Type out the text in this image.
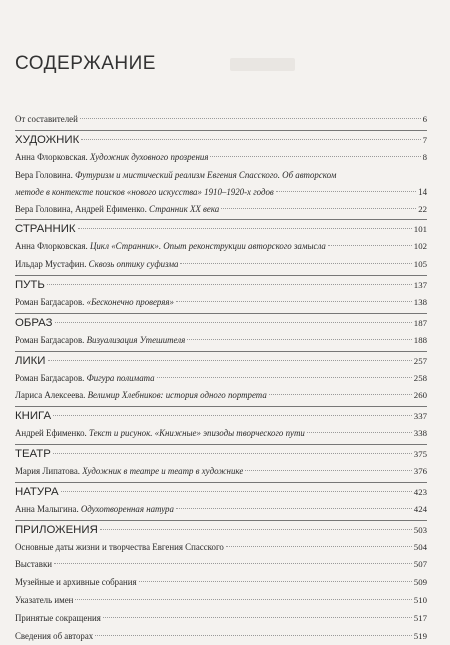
СОДЕРЖАНИЕ
От составителей	6
ХУДОЖНИК	7
Анна Флорковская. Художник духовного прозрения	8
Вера Головина. Футуризм и мистический реализм Евгения Спасского. Об авторском
методе в контексте поисков «нового искусства» 1910–1920-х годов	14
Вера Головина, Андрей Ефименко. Странник XX века	22
СТРАННИК	101
Анна Флорковская. Цикл «Странник». Опыт реконструкции авторского замысла	102
Ильдар Мустафин. Сквозь оптику суфизма	105
ПУТЬ	137
Роман Багдасаров. «Бесконечно проверяя»	138
ОБРАЗ	187
Роман Багдасаров. Визуализация Утешителя	188
ЛИКИ	257
Роман Багдасаров. Фигура полимата	258
Лариса Алексеева. Велимир Хлебников: история одного портрета	260
КНИГА	337
Андрей Ефименко. Текст и рисунок. «Книжные» эпизоды творческого пути	338
ТЕАТР	375
Мария Липатова. Художник в театре и театр в художнике	376
НАТУРА	423
Анна Малыгина. Одухотворенная натура	424
ПРИЛОЖЕНИЯ	503
Основные даты жизни и творчества Евгения Спасского	504
Выставки	507
Музейные и архивные собрания	509
Указатель имен	510
Принятые сокращения	517
Сведения об авторах	519
